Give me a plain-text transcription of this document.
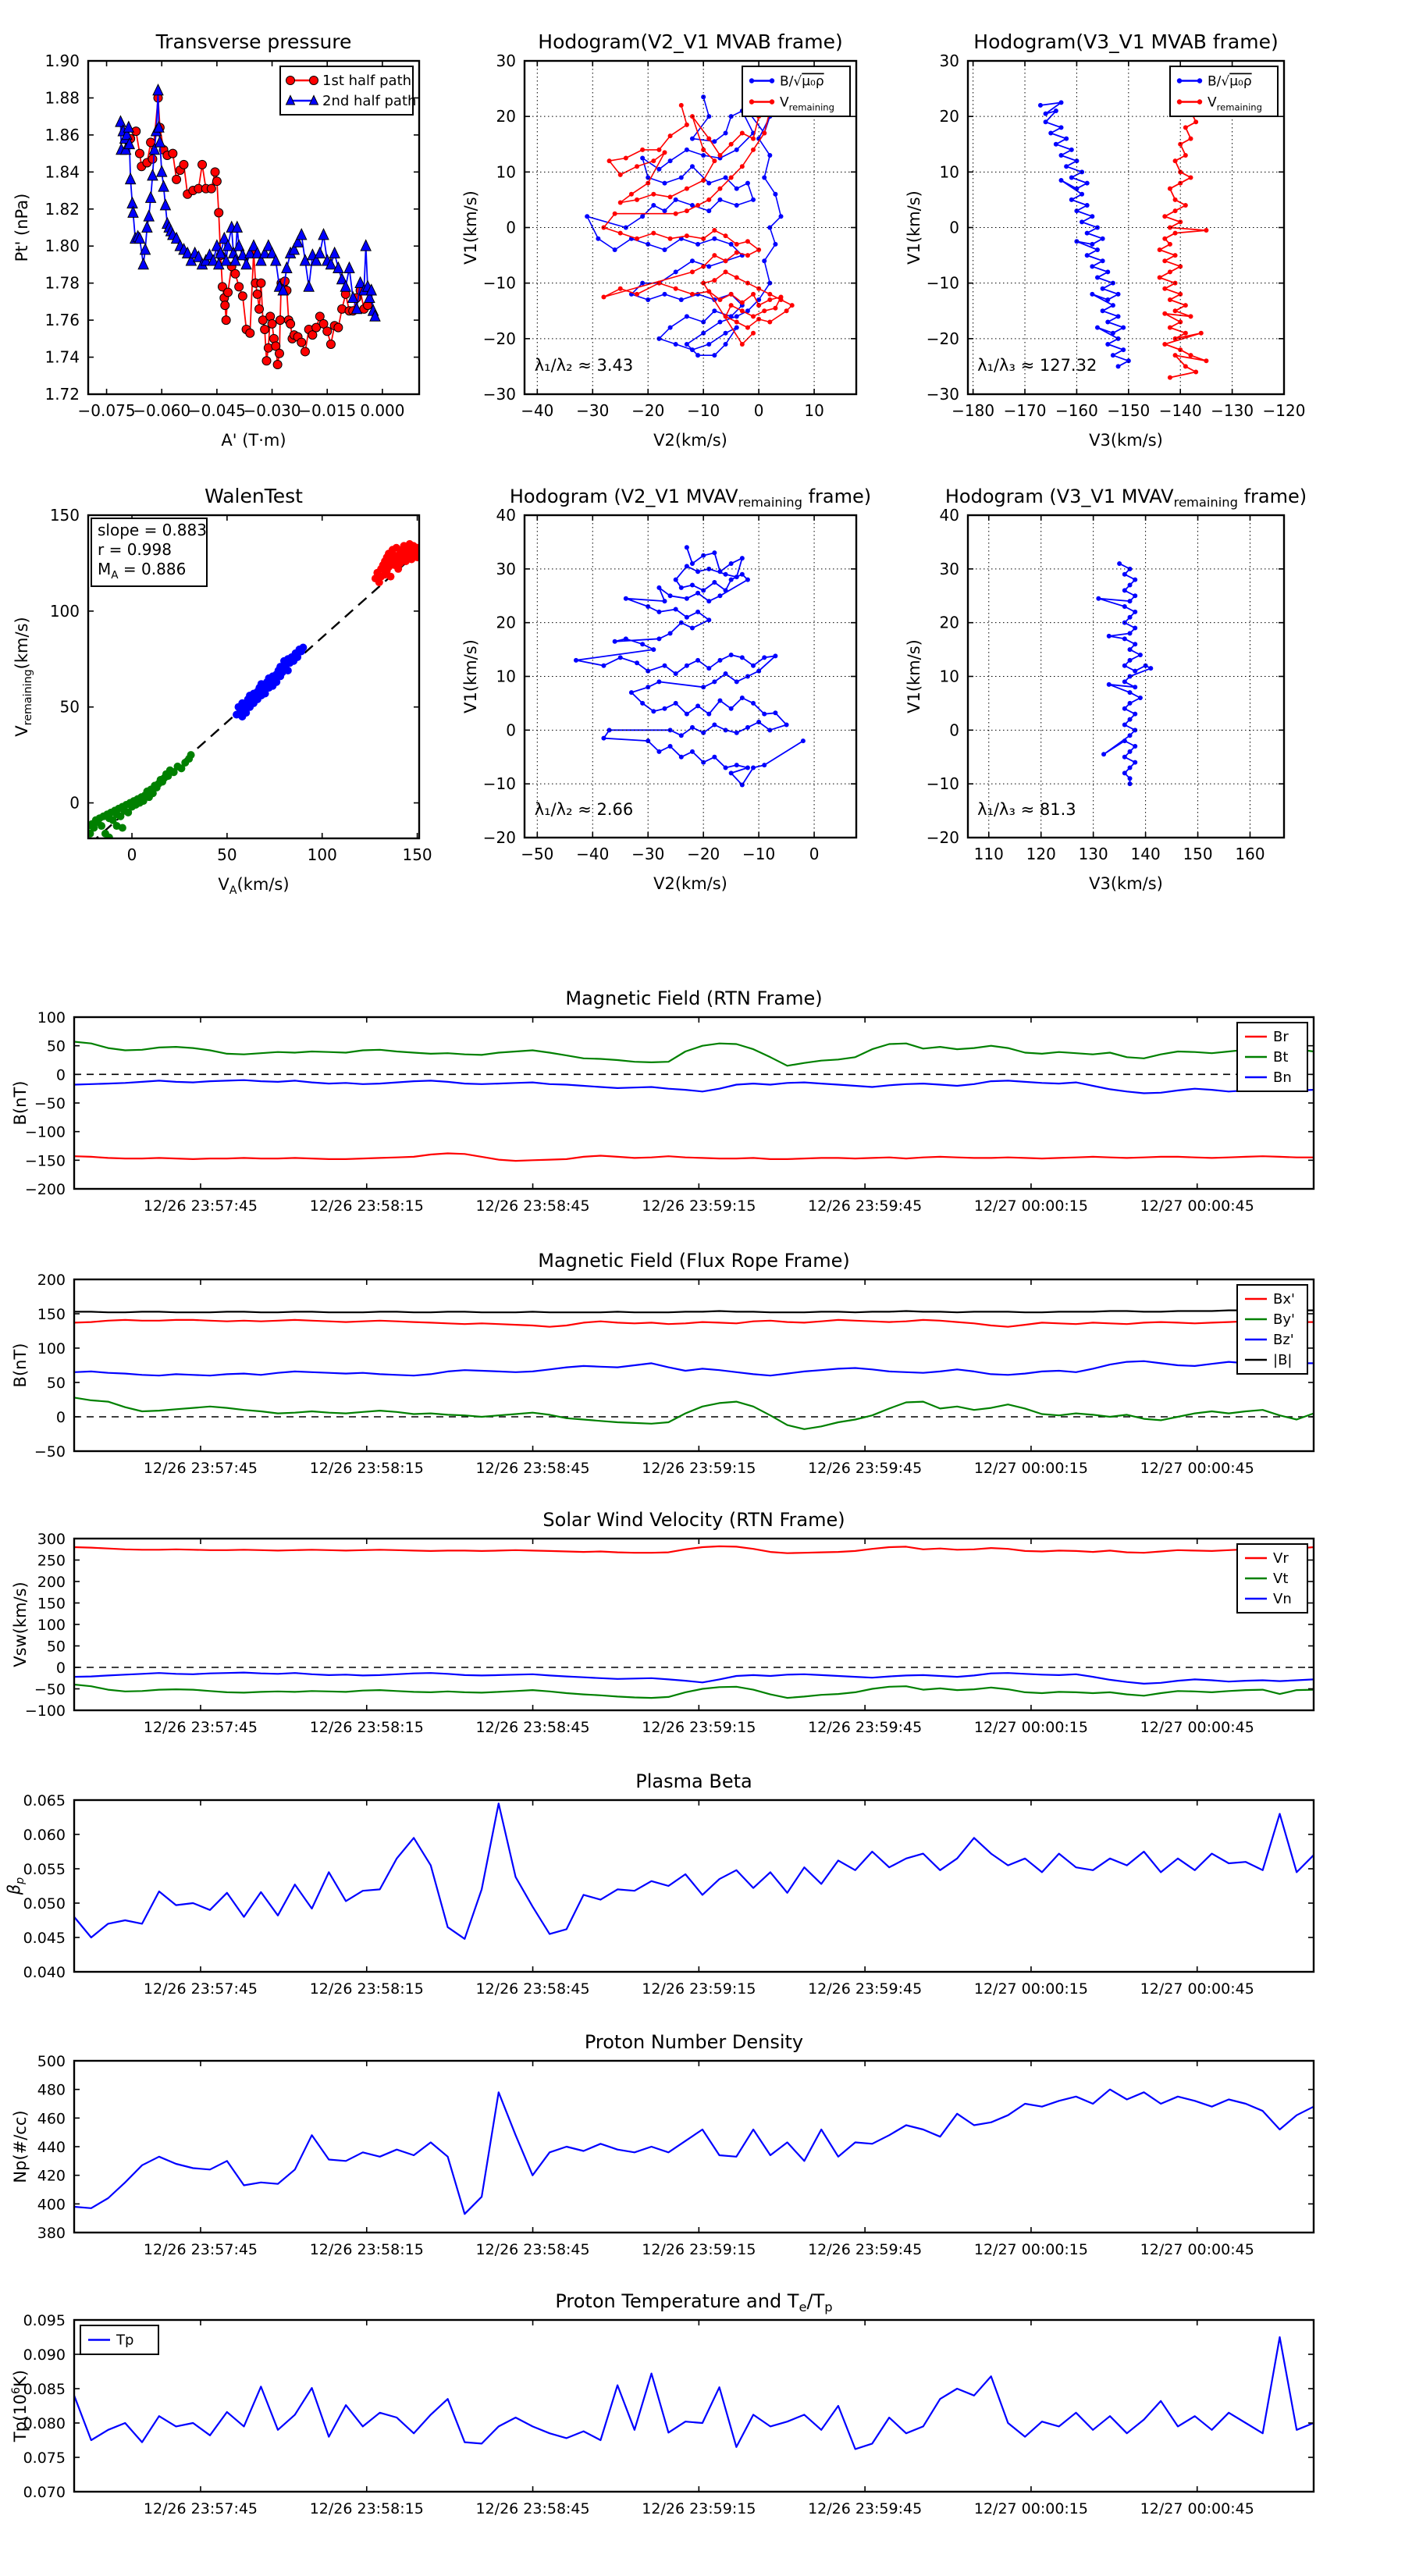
−0.075
−0.060
−0.045
−0.030
−0.015 0.000
1.72
1.74
1.76
1.78
1.80
1.82
1.84
1.86
1.88
1.90
Transverse pressure
A' (T·m)
Pt' (nPa)
1st half path
2nd half path
−40 −30 −20 −10 0	10
−30
−20
−10
0
10
20
30
Hodogram(V2_V1 MVAB frame)
V2(km/s)
V1(km/s)
λ₁/λ₂ ≈ 3.43
B/√μ₀ρ
$V_{remaining}$
−180 −170 −160 −150 −140 −130 −120
−30
−20
−10
0
10
20
30
Hodogram(V3_V1 MVAB frame)
V3(km/s)
V1(km/s)
λ₁/λ₃ ≈ 127.32
B/√μ₀ρ
$V_{remaining}$
0	50	100	150
0
50
100
150
WalenTest
$V_A(km/s)$
$V_{remaining}(km/s)$
slope = 0.883
r = 0.998
$M_A = 0.886$
−50 −40 −30 −20 −10 0
−20
−10
0
10
20
30
40
Hodogram (V2_V1 $MVAV_{remaining}$ frame)
V2(km/s)
V1(km/s)
λ₁/λ₂ ≈ 2.66
110 120 130 140 150 160
−20
−10
0
10
20
30
40
Hodogram (V3_V1 $MVAV_{remaining}$ frame)
V3(km/s)
V1(km/s)
λ₁/λ₃ ≈ 81.3
12/26 23:57:45	12/26 23:58:15	12/26 23:58:45	12/26 23:59:15	12/26 23:59:45	12/27 00:00:15	12/27 00:00:45
−200
−150
−100
−50
0
50
100
Magnetic Field (RTN Frame)
B(nT)
Br
Bt
Bn
12/26 23:57:45	12/26 23:58:15	12/26 23:58:45	12/26 23:59:15	12/26 23:59:45	12/27 00:00:15	12/27 00:00:45
−50
0
50
100
150
200
Magnetic Field (Flux Rope Frame)
B(nT)
Bx'
By'
Bz'
|B|
12/26 23:57:45	12/26 23:58:15	12/26 23:58:45	12/26 23:59:15	12/26 23:59:45	12/27 00:00:15	12/27 00:00:45
−100
−50
0
50
100
150
200
250
300
Solar Wind Velocity (RTN Frame)
Vsw(km/s)
Vr
Vt
Vn
12/26 23:57:45	12/26 23:58:15	12/26 23:58:45	12/26 23:59:15	12/26 23:59:45	12/27 00:00:15	12/27 00:00:45
0.040
0.045
0.050
0.055
0.060
0.065
Plasma Beta
$\beta_p$
12/26 23:57:45	12/26 23:58:15	12/26 23:58:45	12/26 23:59:15	12/26 23:59:45	12/27 00:00:15	12/27 00:00:45
380
400
420
440
460
480
500
Proton Number Density
Np(#/cc)
12/26 23:57:45	12/26 23:58:15	12/26 23:58:45	12/26 23:59:15	12/26 23:59:45	12/27 00:00:15	12/27 00:00:45
0.070
0.075
0.080
0.085
0.090
0.095
Proton Temperature and $T_e/T_p$
$Tp(10^6K)$
Tp
